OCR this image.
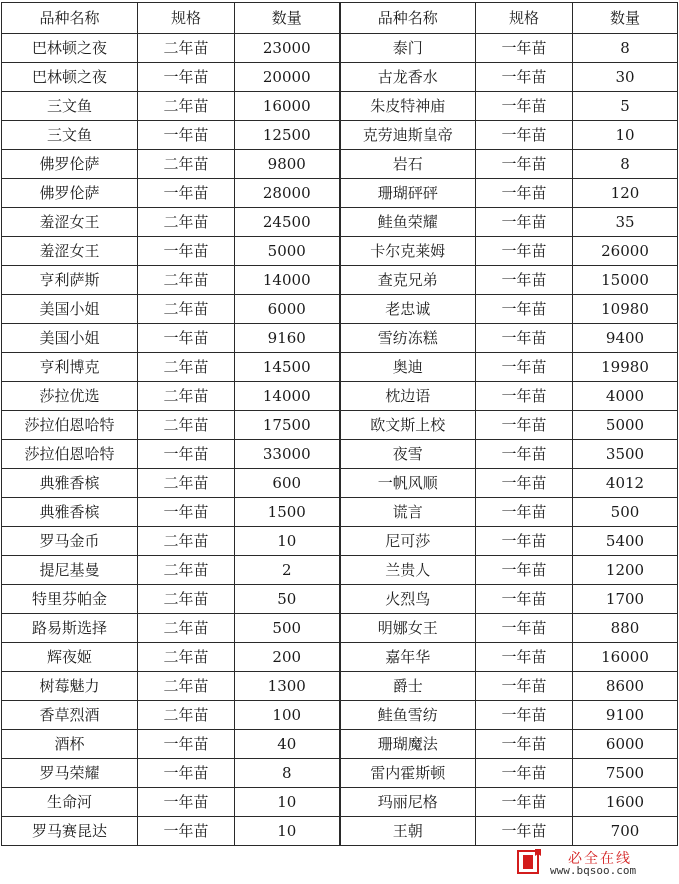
品种名称	规格	数量	品种名称	规格	数量
巴林顿之夜	二年苗	23000	泰门	一年苗	8
巴林顿之夜	一年苗	20000	古龙香水	一年苗	30
三文鱼	二年苗	16000	朱皮特神庙	一年苗	5
三文鱼	一年苗	12500	克劳迪斯皇帝	一年苗	10
佛罗伦萨	二年苗	9800	岩石	一年苗	8
佛罗伦萨	一年苗	28000	珊瑚砰砰	一年苗	120
羞涩女王	二年苗	24500	鲑鱼荣耀	一年苗	35
羞涩女王	一年苗	5000	卡尔克莱姆	一年苗	26000
亨利萨斯	二年苗	14000	查克兄弟	一年苗	15000
美国小姐	二年苗	6000	老忠诚	一年苗	10980
美国小姐	一年苗	9160	雪纺冻糕	一年苗	9400
亨利博克	二年苗	14500	奥迪	一年苗	19980
莎拉优选	二年苗	14000	枕边语	一年苗	4000
莎拉伯恩哈特	二年苗	17500	欧文斯上校	一年苗	5000
莎拉伯恩哈特	一年苗	33000	夜雪	一年苗	3500
典雅香槟	二年苗	600	一帆风顺	一年苗	4012
典雅香槟	一年苗	1500	谎言	一年苗	500
罗马金币	二年苗	10	尼可莎	一年苗	5400
提尼基曼	二年苗	2	兰贵人	一年苗	1200
特里芬帕金	二年苗	50	火烈鸟	一年苗	1700
路易斯选择	二年苗	500	明娜女王	一年苗	880
辉夜姬	二年苗	200	嘉年华	一年苗	16000
树莓魅力	二年苗	1300	爵士	一年苗	8600
香草烈酒	二年苗	100	鲑鱼雪纺	一年苗	9100
酒杯	一年苗	40	珊瑚魔法	一年苗	6000
罗马荣耀	一年苗	8	雷内霍斯顿	一年苗	7500
生命河	一年苗	10	玛丽尼格	一年苗	1600
罗马赛昆达	一年苗	10	王朝	一年苗	700
必全在线
www.bqsoo.com
